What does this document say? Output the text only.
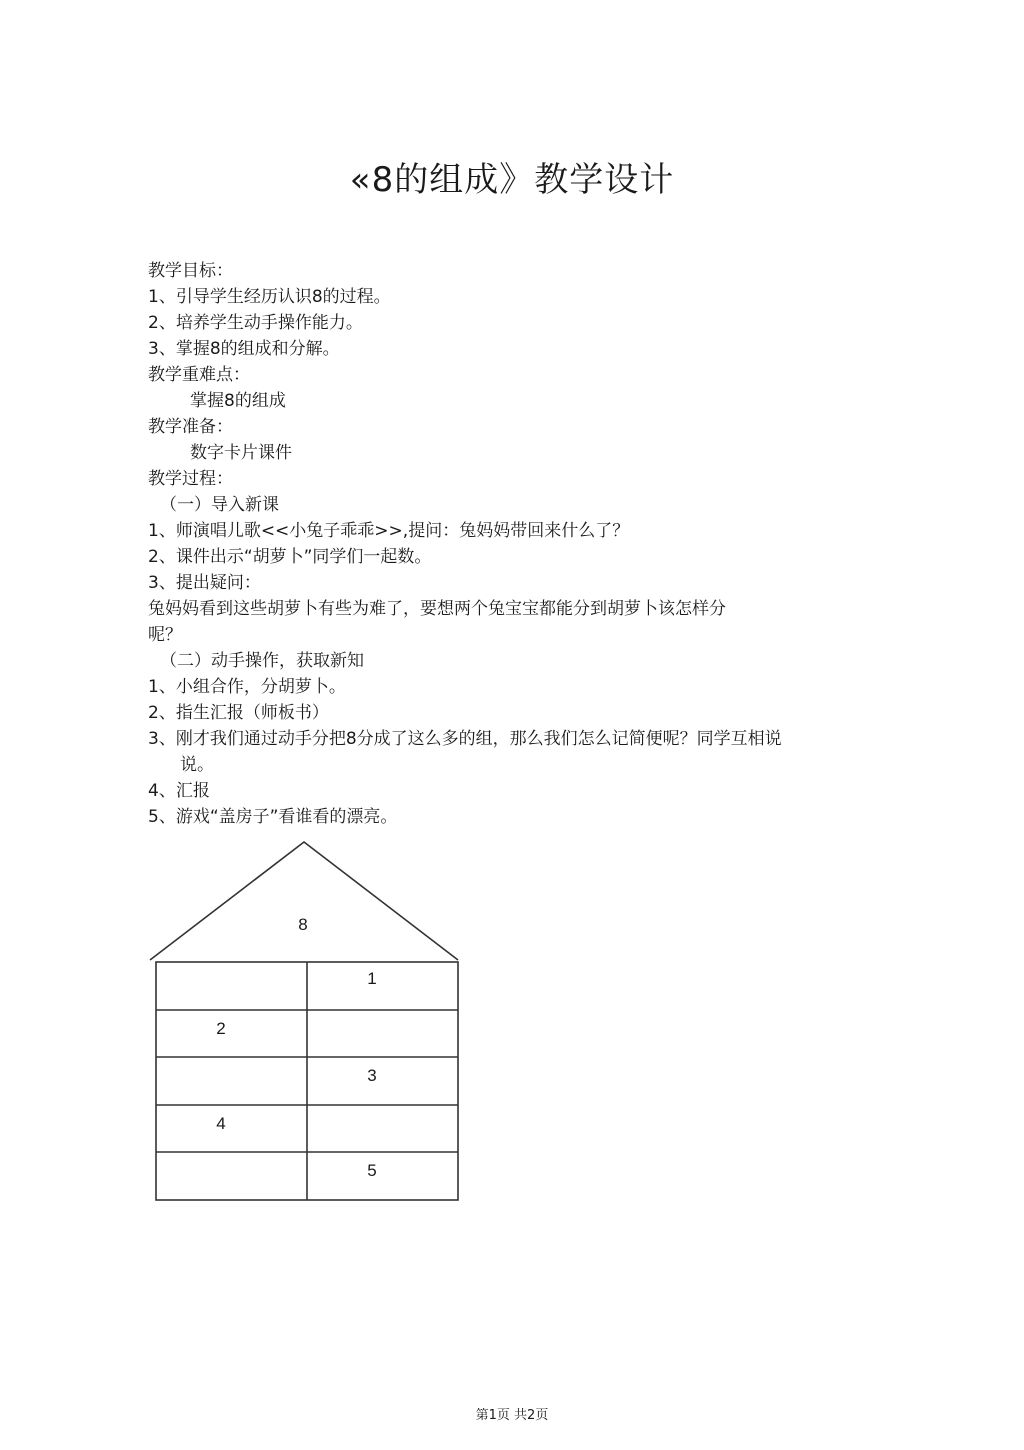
«8的组成》教学设计
教学目标：
1、引导学生经历认识8的过程。
2、培养学生动手操作能力。
3、掌握8的组成和分解。
教学重难点：
掌握8的组成
教学准备：
数字卡片课件
教学过程：
（一）导入新课
1、师演唱儿歌<<小兔子乖乖>>,提问：兔妈妈带回来什么了？
2、课件出示“胡萝卜”同学们一起数。
3、提出疑问：
兔妈妈看到这些胡萝卜有些为难了，要想两个兔宝宝都能分到胡萝卜该怎样分
呢？
（二）动手操作，获取新知
1、小组合作，分胡萝卜。
2、指生汇报（师板书）
3、刚才我们通过动手分把8分成了这么多的组，那么我们怎么记简便呢？同学互相说
说。
4、汇报
5、游戏“盖房子”看谁看的漂亮。
8
1
2
3
4
5
第1页 共2页
